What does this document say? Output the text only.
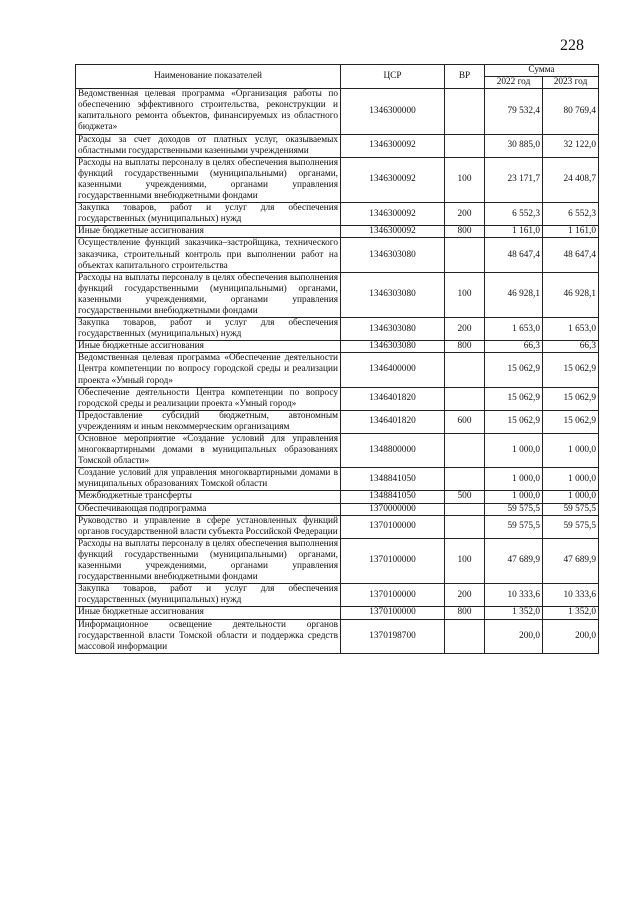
228
Наименование показателей	ЦСР	ВР	Сумма	
			2022 год	2023 год
Ведомственная целевая программа «Организация работы по обеспечению эффективного строительства, реконструкции и капитального ремонта объектов, финансируемых из областного бюджета»	1346300000		79 532,4	80 769,4
Расходы за счет доходов от платных услуг, оказываемых областными государственными казенными учреждениями	1346300092		30 885,0	32 122,0
Расходы на выплаты персоналу в целях обеспечения выполнения функций государственными (муниципальными) органами, казенными учреждениями, органами управления государственными внебюджетными фондами	1346300092	100	23 171,7	24 408,7
Закупка товаров, работ и услуг для обеспечения государственных (муниципальных) нужд	1346300092	200	6 552,3	6 552,3
Иные бюджетные ассигнования	1346300092	800	1 161,0	1 161,0
Осуществление функций заказчика–застройщика, технического заказчика, строительный контроль при выполнении работ на объектах капитального строительства	1346303080		48 647,4	48 647,4
Расходы на выплаты персоналу в целях обеспечения выполнения функций государственными (муниципальными) органами, казенными учреждениями, органами управления государственными внебюджетными фондами	1346303080	100	46 928,1	46 928,1
Закупка товаров, работ и услуг для обеспечения государственных (муниципальных) нужд	1346303080	200	1 653,0	1 653,0
Иные бюджетные ассигнования	1346303080	800	66,3	66,3
Ведомственная целевая программа «Обеспечение деятельности Центра компетенции по вопросу городской среды и реализации проекта «Умный город»	1346400000		15 062,9	15 062,9
Обеспечение деятельности Центра компетенции по вопросу городской среды и реализации проекта «Умный город»	1346401820		15 062,9	15 062,9
Предоставление субсидий бюджетным, автономным учреждениям и иным некоммерческим организациям	1346401820	600	15 062,9	15 062,9
Основное мероприятие «Создание условий для управления многоквартирными домами в муниципальных образованиях Томской области»	1348800000		1 000,0	1 000,0
Создание условий для управления многоквартирными домами в муниципальных образованиях Томской области	1348841050		1 000,0	1 000,0
Межбюджетные трансферты	1348841050	500	1 000,0	1 000,0
Обеспечивающая подпрограмма	1370000000		59 575,5	59 575,5
Руководство и управление в сфере установленных функций органов государственной власти субъекта Российской Федерации	1370100000		59 575,5	59 575,5
Расходы на выплаты персоналу в целях обеспечения выполнения функций государственными (муниципальными) органами, казенными учреждениями, органами управления государственными внебюджетными фондами	1370100000	100	47 689,9	47 689,9
Закупка товаров, работ и услуг для обеспечения государственных (муниципальных) нужд	1370100000	200	10 333,6	10 333,6
Иные бюджетные ассигнования	1370100000	800	1 352,0	1 352,0
Информационное освещение деятельности органов государственной власти Томской области и поддержка средств массовой информации	1370198700		200,0	200,0
